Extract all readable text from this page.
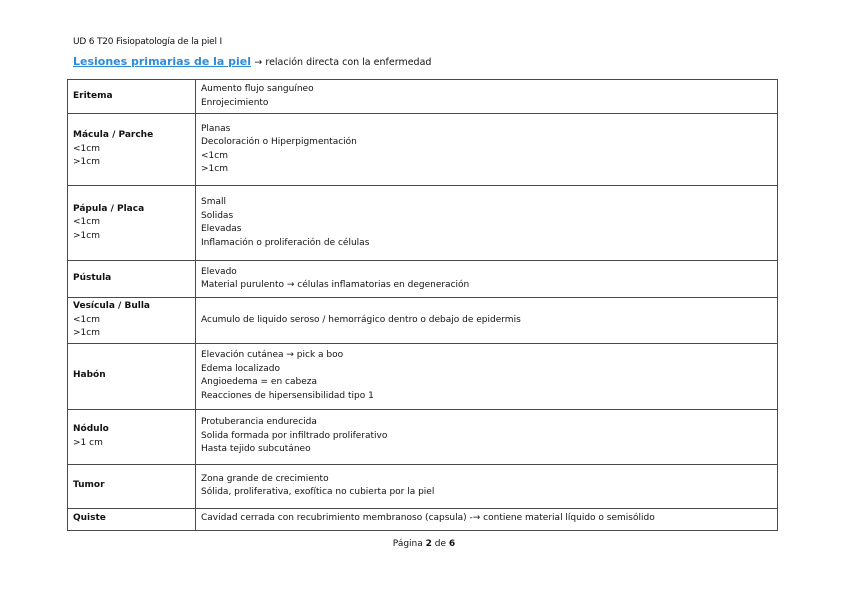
UD 6 T20 Fisiopatología de la piel I
Lesiones primarias de la piel → relación directa con la enfermedad
Eritema	Aumento flujo sanguíneo
Enrojecimiento

Mácula / Parche
<1cm
>1cm	Planas
Decoloración o Hiperpigmentación
<1cm
>1cm

Pápula / Placa
<1cm
>1cm	Small
Solidas
Elevadas
Inflamación o proliferación de células

Pústula	Elevado
Material purulento → células inflamatorias en degeneración

Vesícula / Bulla
<1cm
>1cm	Acumulo de liquido seroso / hemorrágico dentro o debajo de epidermis

Habón	Elevación cutánea → pick a boo
Edema localizado
Angioedema = en cabeza
Reacciones de hipersensibilidad tipo 1

Nódulo
>1 cm	Protuberancia endurecida
Solida formada por infiltrado proliferativo
Hasta tejido subcutáneo

Tumor	Zona grande de crecimiento
Sólida, proliferativa, exofítica no cubierta por la piel

Quiste	Cavidad cerrada con recubrimiento membranoso (capsula) -→ contiene material líquido o semisólido
Página 2 de 6
